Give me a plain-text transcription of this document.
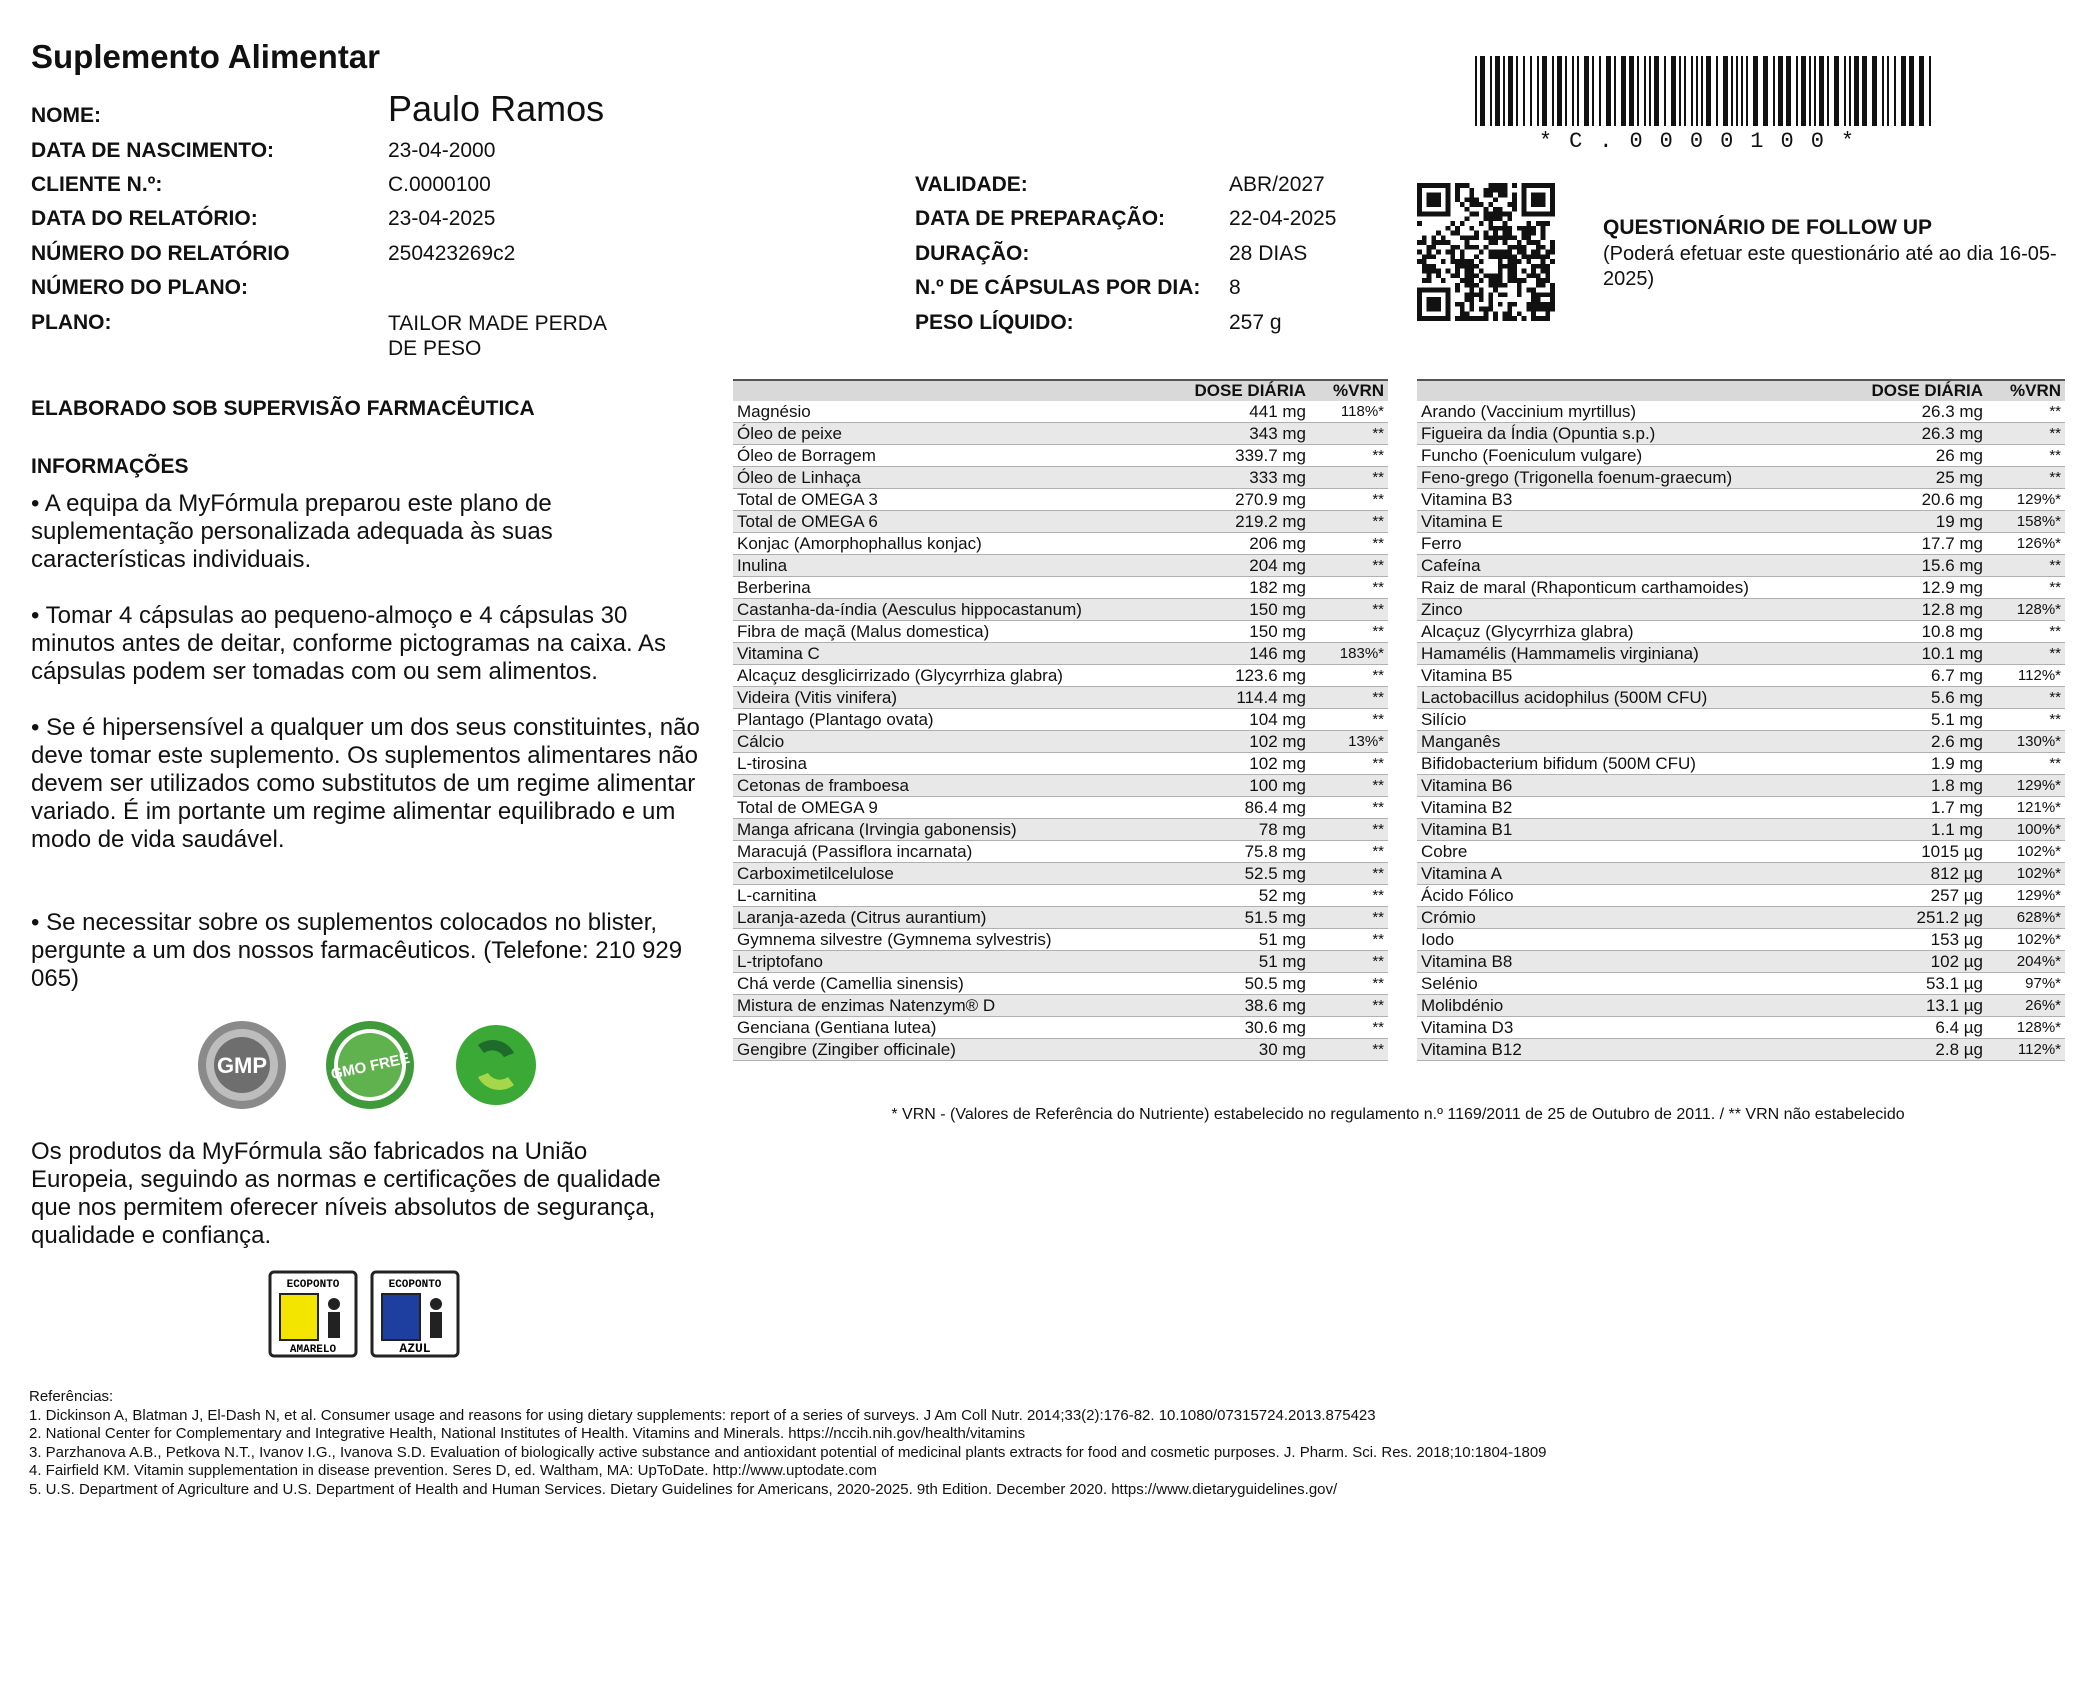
Suplemento Alimentar
NOME:	Paulo Ramos
DATA DE NASCIMENTO:	23-04-2000
CLIENTE N.º:	C.0000100
DATA DO RELATÓRIO:	23-04-2025
NÚMERO DO RELATÓRIO	250423269c2
NÚMERO DO PLANO:
PLANO:	TAILOR MADE PERDA
DE PESO
VALIDADE:	ABR/2027
DATA DE PREPARAÇÃO:	22-04-2025
DURAÇÃO:	28 DIAS
N.º DE CÁPSULAS POR DIA: 8
PESO LÍQUIDO:	257 g
*C.0000100*
QUESTIONÁRIO DE FOLLOW UP
(Poderá efetuar este questionário até ao dia 16-05-2025)
ELABORADO SOB SUPERVISÃO FARMACÊUTICA
INFORMAÇÕES
• A equipa da MyFórmula preparou este plano de suplementação personalizada adequada às suas características individuais.
• Tomar 4 cápsulas ao pequeno-almoço e 4 cápsulas 30 minutos antes de deitar, conforme pictogramas na caixa. As cápsulas podem ser tomadas com ou sem alimentos.
• Se é hipersensível a qualquer um dos seus constituintes, não deve tomar este suplemento. Os suplementos alimentares não devem ser utilizados como substitutos de um regime alimentar variado. É im portante um regime alimentar equilibrado e um modo de vida saudável.
• Se necessitar sobre os suplementos colocados no blister, pergunte a um dos nossos farmacêuticos. (Telefone: 210 929 065)
GMP	GMO FREE
Os produtos da MyFórmula são fabricados na União Europeia, seguindo as normas e certificações de qualidade que nos permitem oferecer níveis absolutos de segurança, qualidade e confiança.
ECOPONTO
AMARELO
ECOPONTO
AZUL
	DOSE DIÁRIA	%VRN
Magnésio	441 mg	118%*
Óleo de peixe	343 mg	**
Óleo de Borragem	339.7 mg	**
Óleo de Linhaça	333 mg	**
Total de OMEGA 3	270.9 mg	**
Total de OMEGA 6	219.2 mg	**
Konjac (Amorphophallus konjac)	206 mg	**
Inulina	204 mg	**
Berberina	182 mg	**
Castanha-da-índia (Aesculus hippocastanum)	150 mg	**
Fibra de maçã (Malus domestica)	150 mg	**
Vitamina C	146 mg	183%*
Alcaçuz desglicirrizado (Glycyrrhiza glabra)	123.6 mg	**
Videira (Vitis vinifera)	114.4 mg	**
Plantago (Plantago ovata)	104 mg	**
Cálcio	102 mg	13%*
L-tirosina	102 mg	**
Cetonas de framboesa	100 mg	**
Total de OMEGA 9	86.4 mg	**
Manga africana (Irvingia gabonensis)	78 mg	**
Maracujá (Passiflora incarnata)	75.8 mg	**
Carboximetilcelulose	52.5 mg	**
L-carnitina	52 mg	**
Laranja-azeda (Citrus aurantium)	51.5 mg	**
Gymnema silvestre (Gymnema sylvestris)	51 mg	**
L-triptofano	51 mg	**
Chá verde (Camellia sinensis)	50.5 mg	**
Mistura de enzimas Natenzym® D	38.6 mg	**
Genciana (Gentiana lutea)	30.6 mg	**
Gengibre (Zingiber officinale)	30 mg	**
	DOSE DIÁRIA	%VRN
Arando (Vaccinium myrtillus)	26.3 mg	**
Figueira da Índia (Opuntia s.p.)	26.3 mg	**
Funcho (Foeniculum vulgare)	26 mg	**
Feno-grego (Trigonella foenum-graecum)	25 mg	**
Vitamina B3	20.6 mg	129%*
Vitamina E	19 mg	158%*
Ferro	17.7 mg	126%*
Cafeína	15.6 mg	**
Raiz de maral (Rhaponticum carthamoides)	12.9 mg	**
Zinco	12.8 mg	128%*
Alcaçuz (Glycyrrhiza glabra)	10.8 mg	**
Hamamélis (Hammamelis virginiana)	10.1 mg	**
Vitamina B5	6.7 mg	112%*
Lactobacillus acidophilus (500M CFU)	5.6 mg	**
Silício	5.1 mg	**
Manganês	2.6 mg	130%*
Bifidobacterium bifidum (500M CFU)	1.9 mg	**
Vitamina B6	1.8 mg	129%*
Vitamina B2	1.7 mg	121%*
Vitamina B1	1.1 mg	100%*
Cobre	1015 µg	102%*
Vitamina A	812 µg	102%*
Ácido Fólico	257 µg	129%*
Crómio	251.2 µg	628%*
Iodo	153 µg	102%*
Vitamina B8	102 µg	204%*
Selénio	53.1 µg	97%*
Molibdénio	13.1 µg	26%*
Vitamina D3	6.4 µg	128%*
Vitamina B12	2.8 µg	112%*
* VRN - (Valores de Referência do Nutriente) estabelecido no regulamento n.º 1169/2011 de 25 de Outubro de 2011. / ** VRN não estabelecido
Referências:
1. Dickinson A, Blatman J, El-Dash N, et al. Consumer usage and reasons for using dietary supplements: report of a series of surveys. J Am Coll Nutr. 2014;33(2):176-82. 10.1080/07315724.2013.875423
2. National Center for Complementary and Integrative Health, National Institutes of Health. Vitamins and Minerals. https://nccih.nih.gov/health/vitamins
3. Parzhanova A.B., Petkova N.T., Ivanov I.G., Ivanova S.D. Evaluation of biologically active substance and antioxidant potential of medicinal plants extracts for food and cosmetic purposes. J. Pharm. Sci. Res. 2018;10:1804-1809
4. Fairfield KM. Vitamin supplementation in disease prevention. Seres D, ed. Waltham, MA: UpToDate. http://www.uptodate.com
5. U.S. Department of Agriculture and U.S. Department of Health and Human Services. Dietary Guidelines for Americans, 2020-2025. 9th Edition. December 2020. https://www.dietaryguidelines.gov/
